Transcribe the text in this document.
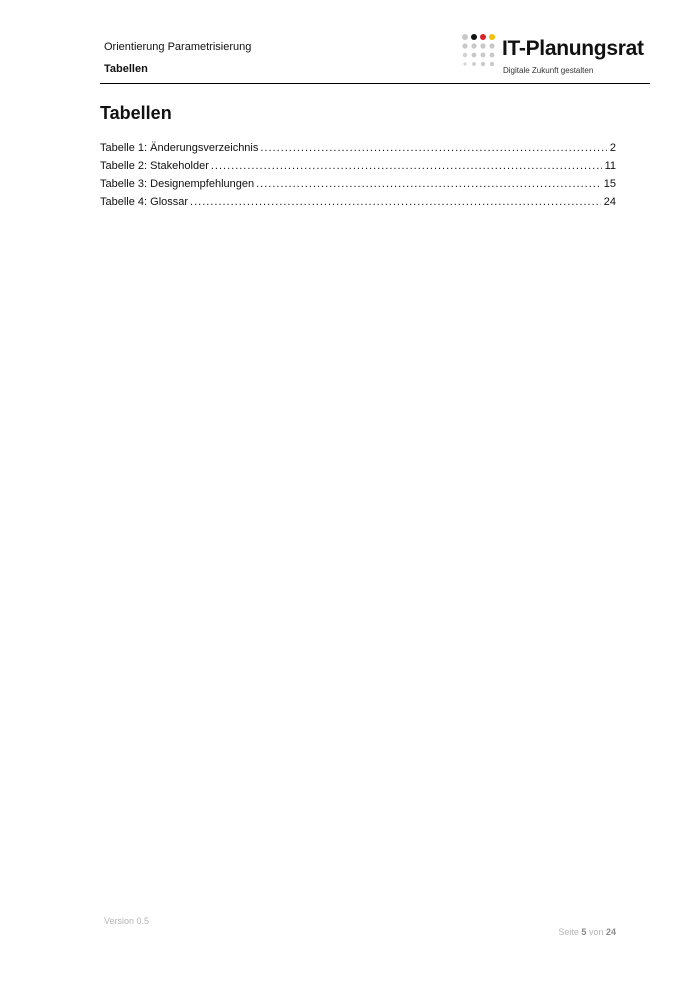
Orientierung Parametrisierung
Tabellen
IT-Planungsrat
Digitale Zukunft gestalten
Tabellen
Tabelle 1: Änderungsverzeichnis .....	2
Tabelle 2: Stakeholder .....	11
Tabelle 3: Designempfehlungen .....	15
Tabelle 4: Glossar .....	24
Version 0.5
Seite 5 von 24
